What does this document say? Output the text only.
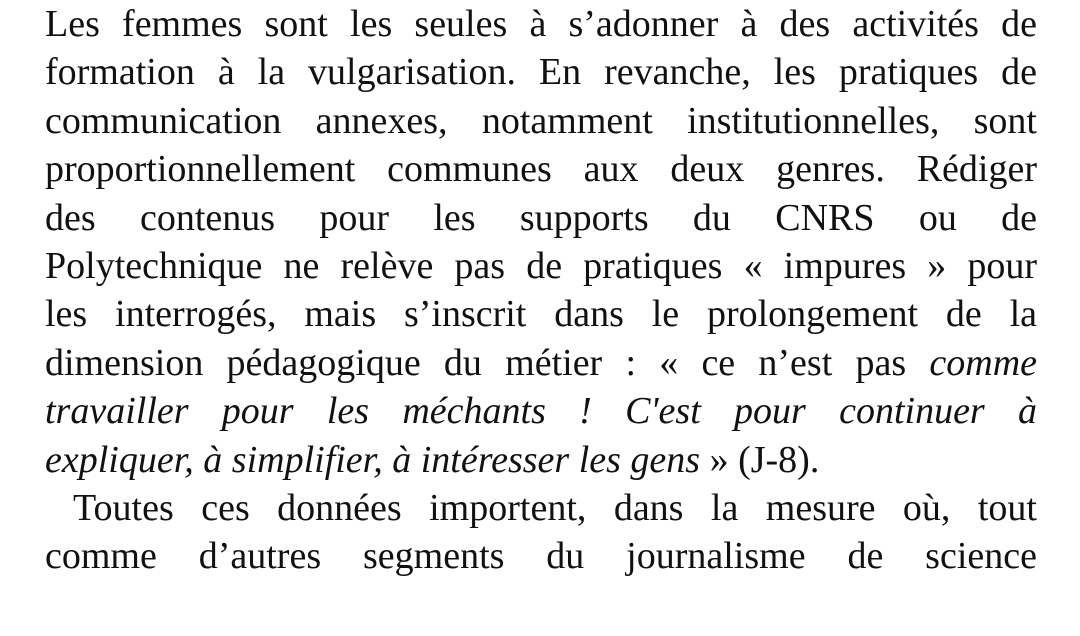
Les femmes sont les seules à s’adonner à des activités de
formation à la vulgarisation. En revanche, les pratiques de
communication annexes, notamment institutionnelles, sont
proportionnellement communes aux deux genres. Rédiger
des contenus pour les supports du CNRS ou de
Polytechnique ne relève pas de pratiques « impures » pour
les interrogés, mais s’inscrit dans le prolongement de la
dimension pédagogique du métier : « ce n’est pas comme
travailler pour les méchants ! C'est pour continuer à
expliquer, à simplifier, à intéresser les gens » (J-8).
Toutes ces données importent, dans la mesure où, tout
comme d’autres segments du journalisme de science
